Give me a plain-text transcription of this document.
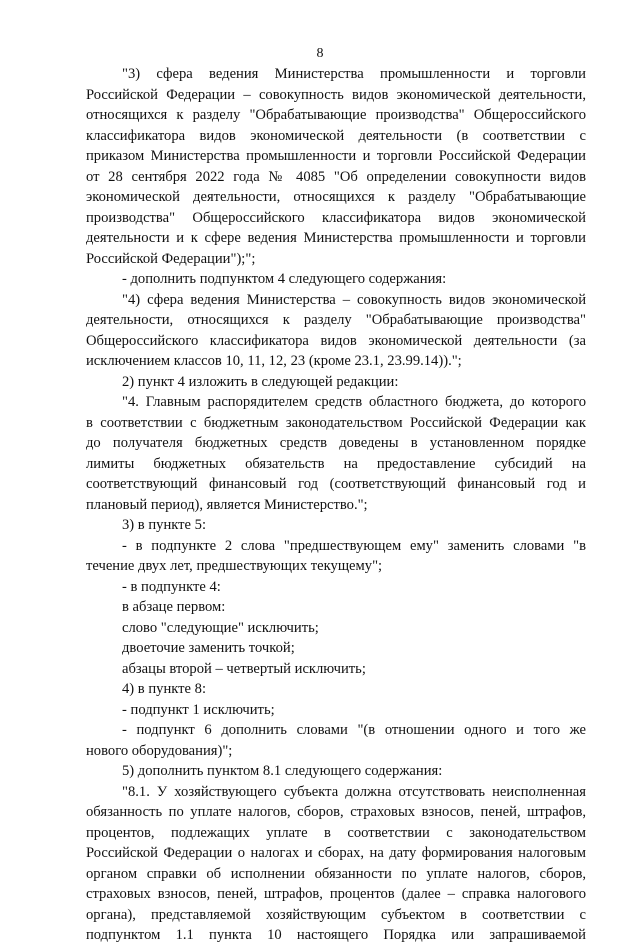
8
"3) сфера ведения Министерства промышленности и торговли
Российской Федерации – совокупность видов экономической деятельности,
относящихся к разделу "Обрабатывающие производства" Общероссийского
классификатора видов экономической деятельности (в соответствии с
приказом Министерства промышленности и торговли Российской Федерации
от 28 сентября 2022 года № 4085 "Об определении совокупности видов
экономической деятельности, относящихся к разделу "Обрабатывающие
производства" Общероссийского классификатора видов экономической
деятельности и к сфере ведения Министерства промышленности и торговли
Российской Федерации");";
- дополнить подпунктом 4 следующего содержания:
"4) сфера ведения Министерства – совокупность видов экономической
деятельности, относящихся к разделу "Обрабатывающие производства"
Общероссийского классификатора видов экономической деятельности (за
исключением классов 10, 11, 12, 23 (кроме 23.1, 23.99.14)).";
2) пункт 4 изложить в следующей редакции:
"4. Главным распорядителем средств областного бюджета, до которого
в соответствии с бюджетным законодательством Российской Федерации как
до получателя бюджетных средств доведены в установленном порядке
лимиты бюджетных обязательств на предоставление субсидий на
соответствующий финансовый год (соответствующий финансовый год и
плановый период), является Министерство.";
3) в пункте 5:
- в подпункте 2 слова "предшествующем ему" заменить словами "в
течение двух лет, предшествующих текущему";
- в подпункте 4:
в абзаце первом:
слово "следующие" исключить;
двоеточие заменить точкой;
абзацы второй – четвертый исключить;
4) в пункте 8:
- подпункт 1 исключить;
- подпункт 6 дополнить словами "(в отношении одного и того же
нового оборудования)";
5) дополнить пунктом 8.1 следующего содержания:
"8.1. У хозяйствующего субъекта должна отсутствовать неисполненная
обязанность по уплате налогов, сборов, страховых взносов, пеней, штрафов,
процентов, подлежащих уплате в соответствии с законодательством
Российской Федерации о налогах и сборах, на дату формирования налоговым
органом справки об исполнении обязанности по уплате налогов, сборов,
страховых взносов, пеней, штрафов, процентов (далее – справка налогового
органа), представляемой хозяйствующим субъектом в соответствии с
подпунктом 1.1 пункта 10 настоящего Порядка или запрашиваемой
